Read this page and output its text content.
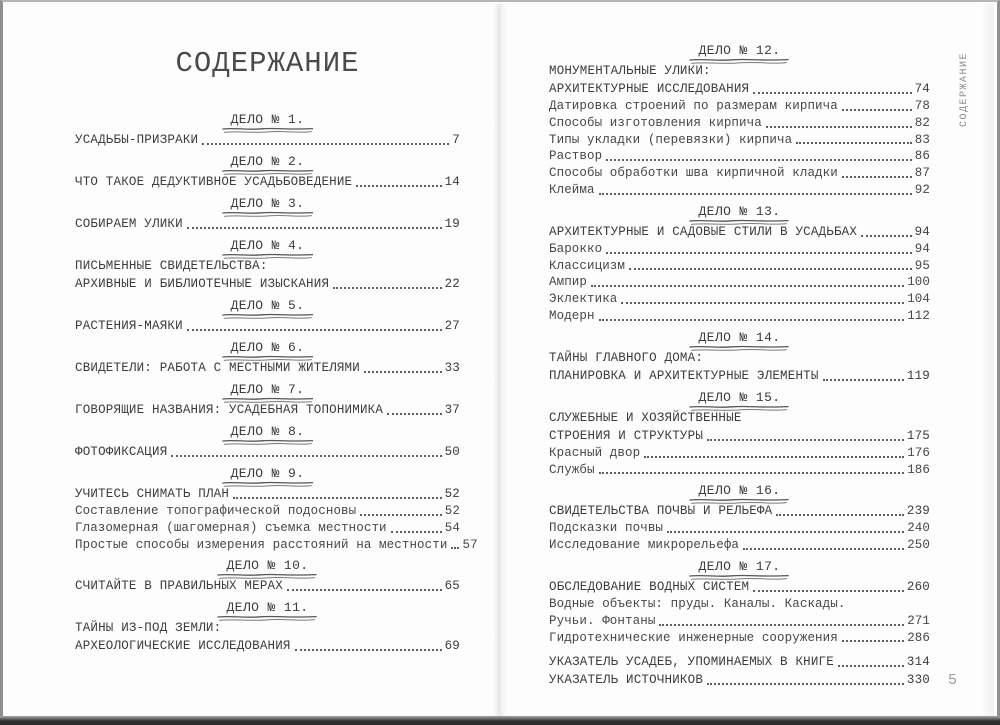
СОДЕРЖАНИЕ
ДЕЛО № 1.
УСАДЬБЫ-ПРИЗРАКИ	7
ДЕЛО № 2.
ЧТО ТАКОЕ ДЕДУКТИВНОЕ УСАДЬБОВЕДЕНИЕ	14
ДЕЛО № 3.
СОБИРАЕМ УЛИКИ	19
ДЕЛО № 4.
ПИСЬМЕННЫЕ СВИДЕТЕЛЬСТВА:
АРХИВНЫЕ И БИБЛИОТЕЧНЫЕ ИЗЫСКАНИЯ	22
ДЕЛО № 5.
РАСТЕНИЯ-МАЯКИ	27
ДЕЛО № 6.
СВИДЕТЕЛИ: РАБОТА С МЕСТНЫМИ ЖИТЕЛЯМИ	33
ДЕЛО № 7.
ГОВОРЯЩИЕ НАЗВАНИЯ: УСАДЕБНАЯ ТОПОНИМИКА	37
ДЕЛО № 8.
ФОТОФИКСАЦИЯ	50
ДЕЛО № 9.
УЧИТЕСЬ СНИМАТЬ ПЛАН	52
Составление топографической подосновы	52
Глазомерная (шагомерная) съемка местности	54
Простые способы измерения расстояний на местности 57
ДЕЛО № 10.
СЧИТАЙТЕ В ПРАВИЛЬНЫХ МЕРАХ	65
ДЕЛО № 11.
ТАЙНЫ ИЗ-ПОД ЗЕМЛИ:
АРХЕОЛОГИЧЕСКИЕ ИССЛЕДОВАНИЯ	69
ДЕЛО № 12.
МОНУМЕНТАЛЬНЫЕ УЛИКИ:
АРХИТЕКТУРНЫЕ ИССЛЕДОВАНИЯ	74
Датировка строений по размерам кирпича	78
Способы изготовления кирпича	82
Типы укладки (перевязки) кирпича	83
Раствор	86
Способы обработки шва кирпичной кладки	87
Клейма	92
ДЕЛО № 13.
АРХИТЕКТУРНЫЕ И САДОВЫЕ СТИЛИ В УСАДЬБАХ	94
Барокко	94
Классицизм	95
Ампир	100
Эклектика	104
Модерн	112
ДЕЛО № 14.
ТАЙНЫ ГЛАВНОГО ДОМА:
ПЛАНИРОВКА И АРХИТЕКТУРНЫЕ ЭЛЕМЕНТЫ	119
ДЕЛО № 15.
СЛУЖЕБНЫЕ И ХОЗЯЙСТВЕННЫЕ
СТРОЕНИЯ И СТРУКТУРЫ	175
Красный двор	176
Службы	186
ДЕЛО № 16.
СВИДЕТЕЛЬСТВА ПОЧВЫ И РЕЛЬЕФА	239
Подсказки почвы	240
Исследование микрорельефа	250
ДЕЛО № 17.
ОБСЛЕДОВАНИЕ ВОДНЫХ СИСТЕМ	260
Водные объекты: пруды. Каналы. Каскады.
Ручьи. Фонтаны	271
Гидротехнические инженерные сооружения	286
УКАЗАТЕЛЬ УСАДЕБ, УПОМИНАЕМЫХ В КНИГЕ	314
УКАЗАТЕЛЬ ИСТОЧНИКОВ	330
СОДЕРЖАНИЕ
5
